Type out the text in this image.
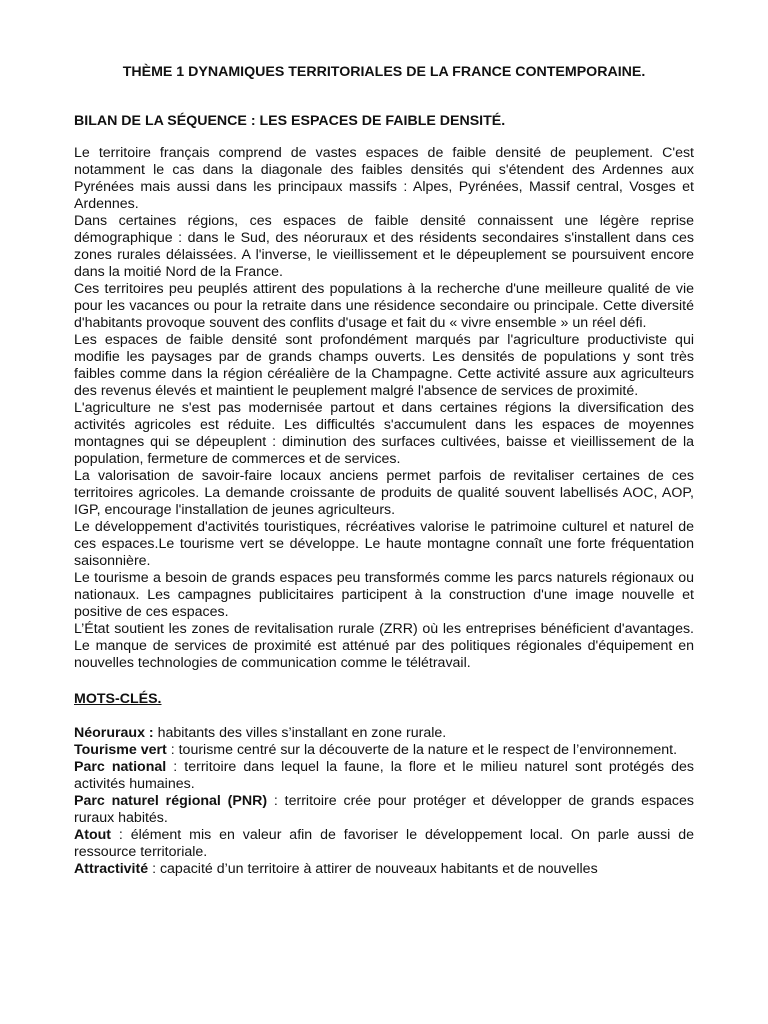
THÈME 1 DYNAMIQUES TERRITORIALES DE LA FRANCE CONTEMPORAINE.
BILAN DE LA SÉQUENCE : LES ESPACES DE FAIBLE DENSITÉ.

Le territoire français comprend de vastes espaces de faible densité de peuplement. C'est notamment le cas dans la diagonale des faibles densités qui s'étendent des Ardennes aux Pyrénées mais aussi dans les principaux massifs : Alpes, Pyrénées, Massif central, Vosges et Ardennes.

Dans certaines régions, ces espaces de faible densité connaissent une légère reprise démographique : dans le Sud, des néoruraux et des résidents secondaires s'installent dans ces zones rurales délaissées. A l'inverse, le vieillissement et le dépeuplement se poursuivent encore dans la moitié Nord de la France.

Ces territoires peu peuplés attirent des populations à la recherche d'une meilleure qualité de vie pour les vacances ou pour la retraite dans une résidence secondaire ou principale. Cette diversité d'habitants provoque souvent des conflits d'usage et fait du « vivre ensemble » un réel défi.

Les espaces de faible densité sont profondément marqués par l'agriculture productiviste qui modifie les paysages par de grands champs ouverts. Les densités de populations y sont très faibles comme dans la région céréalière de la Champagne. Cette activité assure aux agriculteurs des revenus élevés et maintient le peuplement malgré l'absence de services de proximité.

L'agriculture ne s'est pas modernisée partout et dans certaines régions la diversification des activités agricoles est réduite. Les difficultés s'accumulent dans les espaces de moyennes montagnes qui se dépeuplent : diminution des surfaces cultivées, baisse et vieillissement de la population, fermeture de commerces et de services.

La valorisation de savoir-faire locaux anciens permet parfois de revitaliser certaines de ces territoires agricoles. La demande croissante de produits de qualité souvent labellisés AOC, AOP, IGP, encourage l'installation de jeunes agriculteurs.

Le développement d'activités touristiques, récréatives valorise le patrimoine culturel et naturel de ces espaces.Le tourisme vert se développe. Le haute montagne connaît une forte fréquentation saisonnière.

Le tourisme a besoin de grands espaces peu transformés comme les parcs naturels régionaux ou nationaux. Les campagnes publicitaires participent à la construction d'une image nouvelle et positive de ces espaces.

L’État soutient les zones de revitalisation rurale (ZRR) où les entreprises bénéficient d'avantages. Le manque de services de proximité est atténué par des politiques régionales d'équipement en nouvelles technologies de communication comme le télétravail.

MOTS-CLÉS.

Néoruraux : habitants des villes s’installant en zone rurale.

Tourisme vert : tourisme centré sur la découverte de la nature et le respect de l’environnement.

Parc national : territoire dans lequel la faune, la flore et le milieu naturel sont protégés des activités humaines.

Parc naturel régional (PNR) : territoire crée pour protéger et développer de grands espaces ruraux habités.

Atout : élément mis en valeur afin de favoriser le développement local. On parle aussi de ressource territoriale.

Attractivité : capacité d’un territoire à attirer de nouveaux habitants et de nouvelles
